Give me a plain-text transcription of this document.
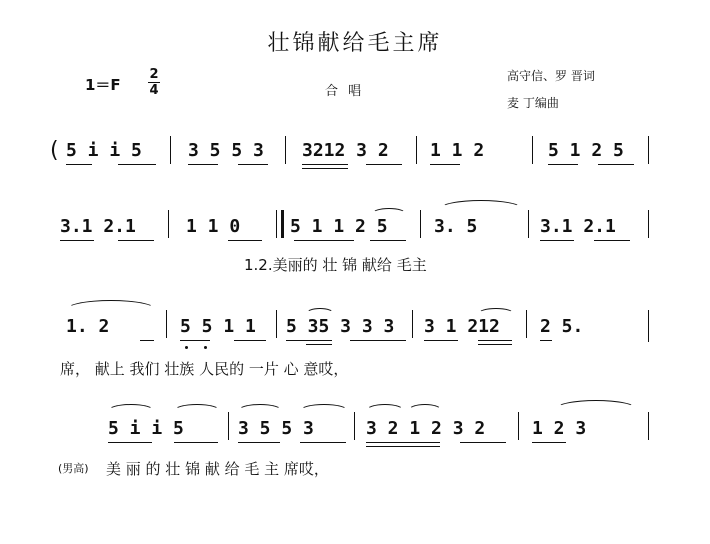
壮锦献给毛主席
1＝F
2
4	合 唱
高守信、罗 晋词
麦 丁编曲
( 5 i i 5	3 5 5 3 3212 3 2 1 1 2	5 1 2 5
3.1 2.1	1 1 0	5 1 1 2 5	3. 5	3.1 2.1
1.2.美丽的 壮 锦 献给 毛主
1. 2	5 5 1 1 5 35 3 3 3 3 1 212 2 5.
席， 献上 我们 壮族 人民的 一片 心 意哎，
5 i i 5	3 5 5 3	3 2 1 2 3 2	1 2 3
(男高) 美 丽 的 壮 锦 献 给 毛 主 席哎，
